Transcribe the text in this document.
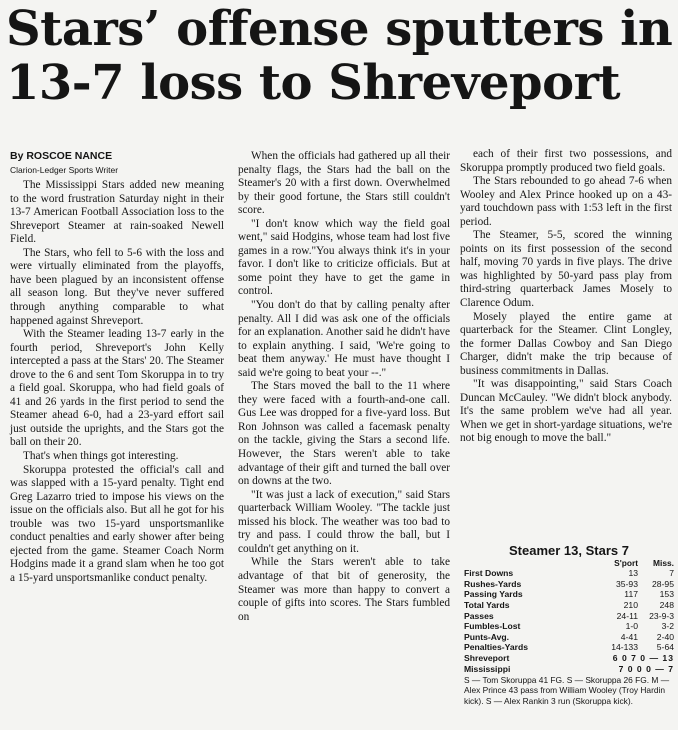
Stars’ offense sputters in
13-7 loss to Shreveport
By ROSCOE NANCE
Clarion-Ledger Sports Writer

The Mississippi Stars added new meaning to the word frustration Saturday night in their 13-7 American Football Association loss to the Shreveport Steamer at rain-soaked Newell Field.

The Stars, who fell to 5-6 with the loss and were virtually eliminated from the playoffs, have been plagued by an inconsistent offense all season long. But they've never suffered through anything comparable to what happened against Shreveport.

With the Steamer leading 13-7 early in the fourth period, Shreveport's John Kelly intercepted a pass at the Stars' 20. The Steamer drove to the 6 and sent Tom Skoruppa in to try a field goal. Skoruppa, who had field goals of 41 and 26 yards in the first period to send the Steamer ahead 6-0, had a 23-yard effort sail just outside the uprights, and the Stars got the ball on their 20.

That's when things got interesting.

Skoruppa protested the official's call and was slapped with a 15-yard penalty. Tight end Greg Lazarro tried to impose his views on the issue on the officials also. But all he got for his trouble was two 15-yard unsportsmanlike conduct penalties and early shower after being ejected from the game. Steamer Coach Norm Hodgins made it a grand slam when he too got a 15-yard unsportsmanlike conduct penalty.

When the officials had gathered up all their penalty flags, the Stars had the ball on the Steamer's 20 with a first down. Overwhelmed by their good fortune, the Stars still couldn't score.

"I don't know which way the field goal went," said Hodgins, whose team had lost five games in a row."You always think it's in your favor. I don't like to criticize officials. But at some point they have to get the game in control.

"You don't do that by calling penalty after penalty. All I did was ask one of the officials for an explanation. Another said he didn't have to explain anything. I said, 'We're going to beat them anyway.' He must have thought I said we're going to beat your --."

The Stars moved the ball to the 11 where they were faced with a fourth-and-one call. Gus Lee was dropped for a five-yard loss. But Ron Johnson was called a facemask penalty on the tackle, giving the Stars a second life. However, the Stars weren't able to take advantage of their gift and turned the ball over on downs at the two.

"It was just a lack of execution," said Stars quarterback William Wooley. "The tackle just missed his block. The weather was too bad to try and pass. I could throw the ball, but I couldn't get anything on it.

While the Stars weren't able to take advantage of that bit of generosity, the Steamer was more than happy to convert a couple of gifts into scores. The Stars fumbled on

each of their first two possessions, and Skoruppa promptly produced two field goals.

The Stars rebounded to go ahead 7-6 when Wooley and Alex Prince hooked up on a 43-yard touchdown pass with 1:53 left in the first period.

The Steamer, 5-5, scored the winning points on its first possession of the second half, moving 70 yards in five plays. The drive was highlighted by 50-yard pass play from third-string quarterback James Mosely to Clarence Odum.

Mosely played the entire game at quarterback for the Steamer. Clint Longley, the former Dallas Cowboy and San Diego Charger, didn't make the trip because of business commitments in Dallas.

"It was disappointing," said Stars Coach Duncan McCauley. "We didn't block anybody. It's the same problem we've had all year. When we get in short-yardage situations, we're not big enough to move the ball."

Steamer 13, Stars 7
S'port	Miss.
First Downs	13	7
Rushes-Yards	35-93	28-95
Passing Yards	117	153
Total Yards	210	248
Passes	24-11	23-9-3
Fumbles-Lost	1-0	3-2
Punts-Avg.	4-41	2-40
Penalties-Yards	14-133	5-64
Shreveport	6 0 7 0 — 13
Mississippi	7 0 0 0 — 7
S — Tom Skoruppa 41 FG. S — Skoruppa 26 FG. M — Alex Prince 43 pass from William Wooley (Troy Hardin kick). S — Alex Rankin 3 run (Skoruppa kick).
